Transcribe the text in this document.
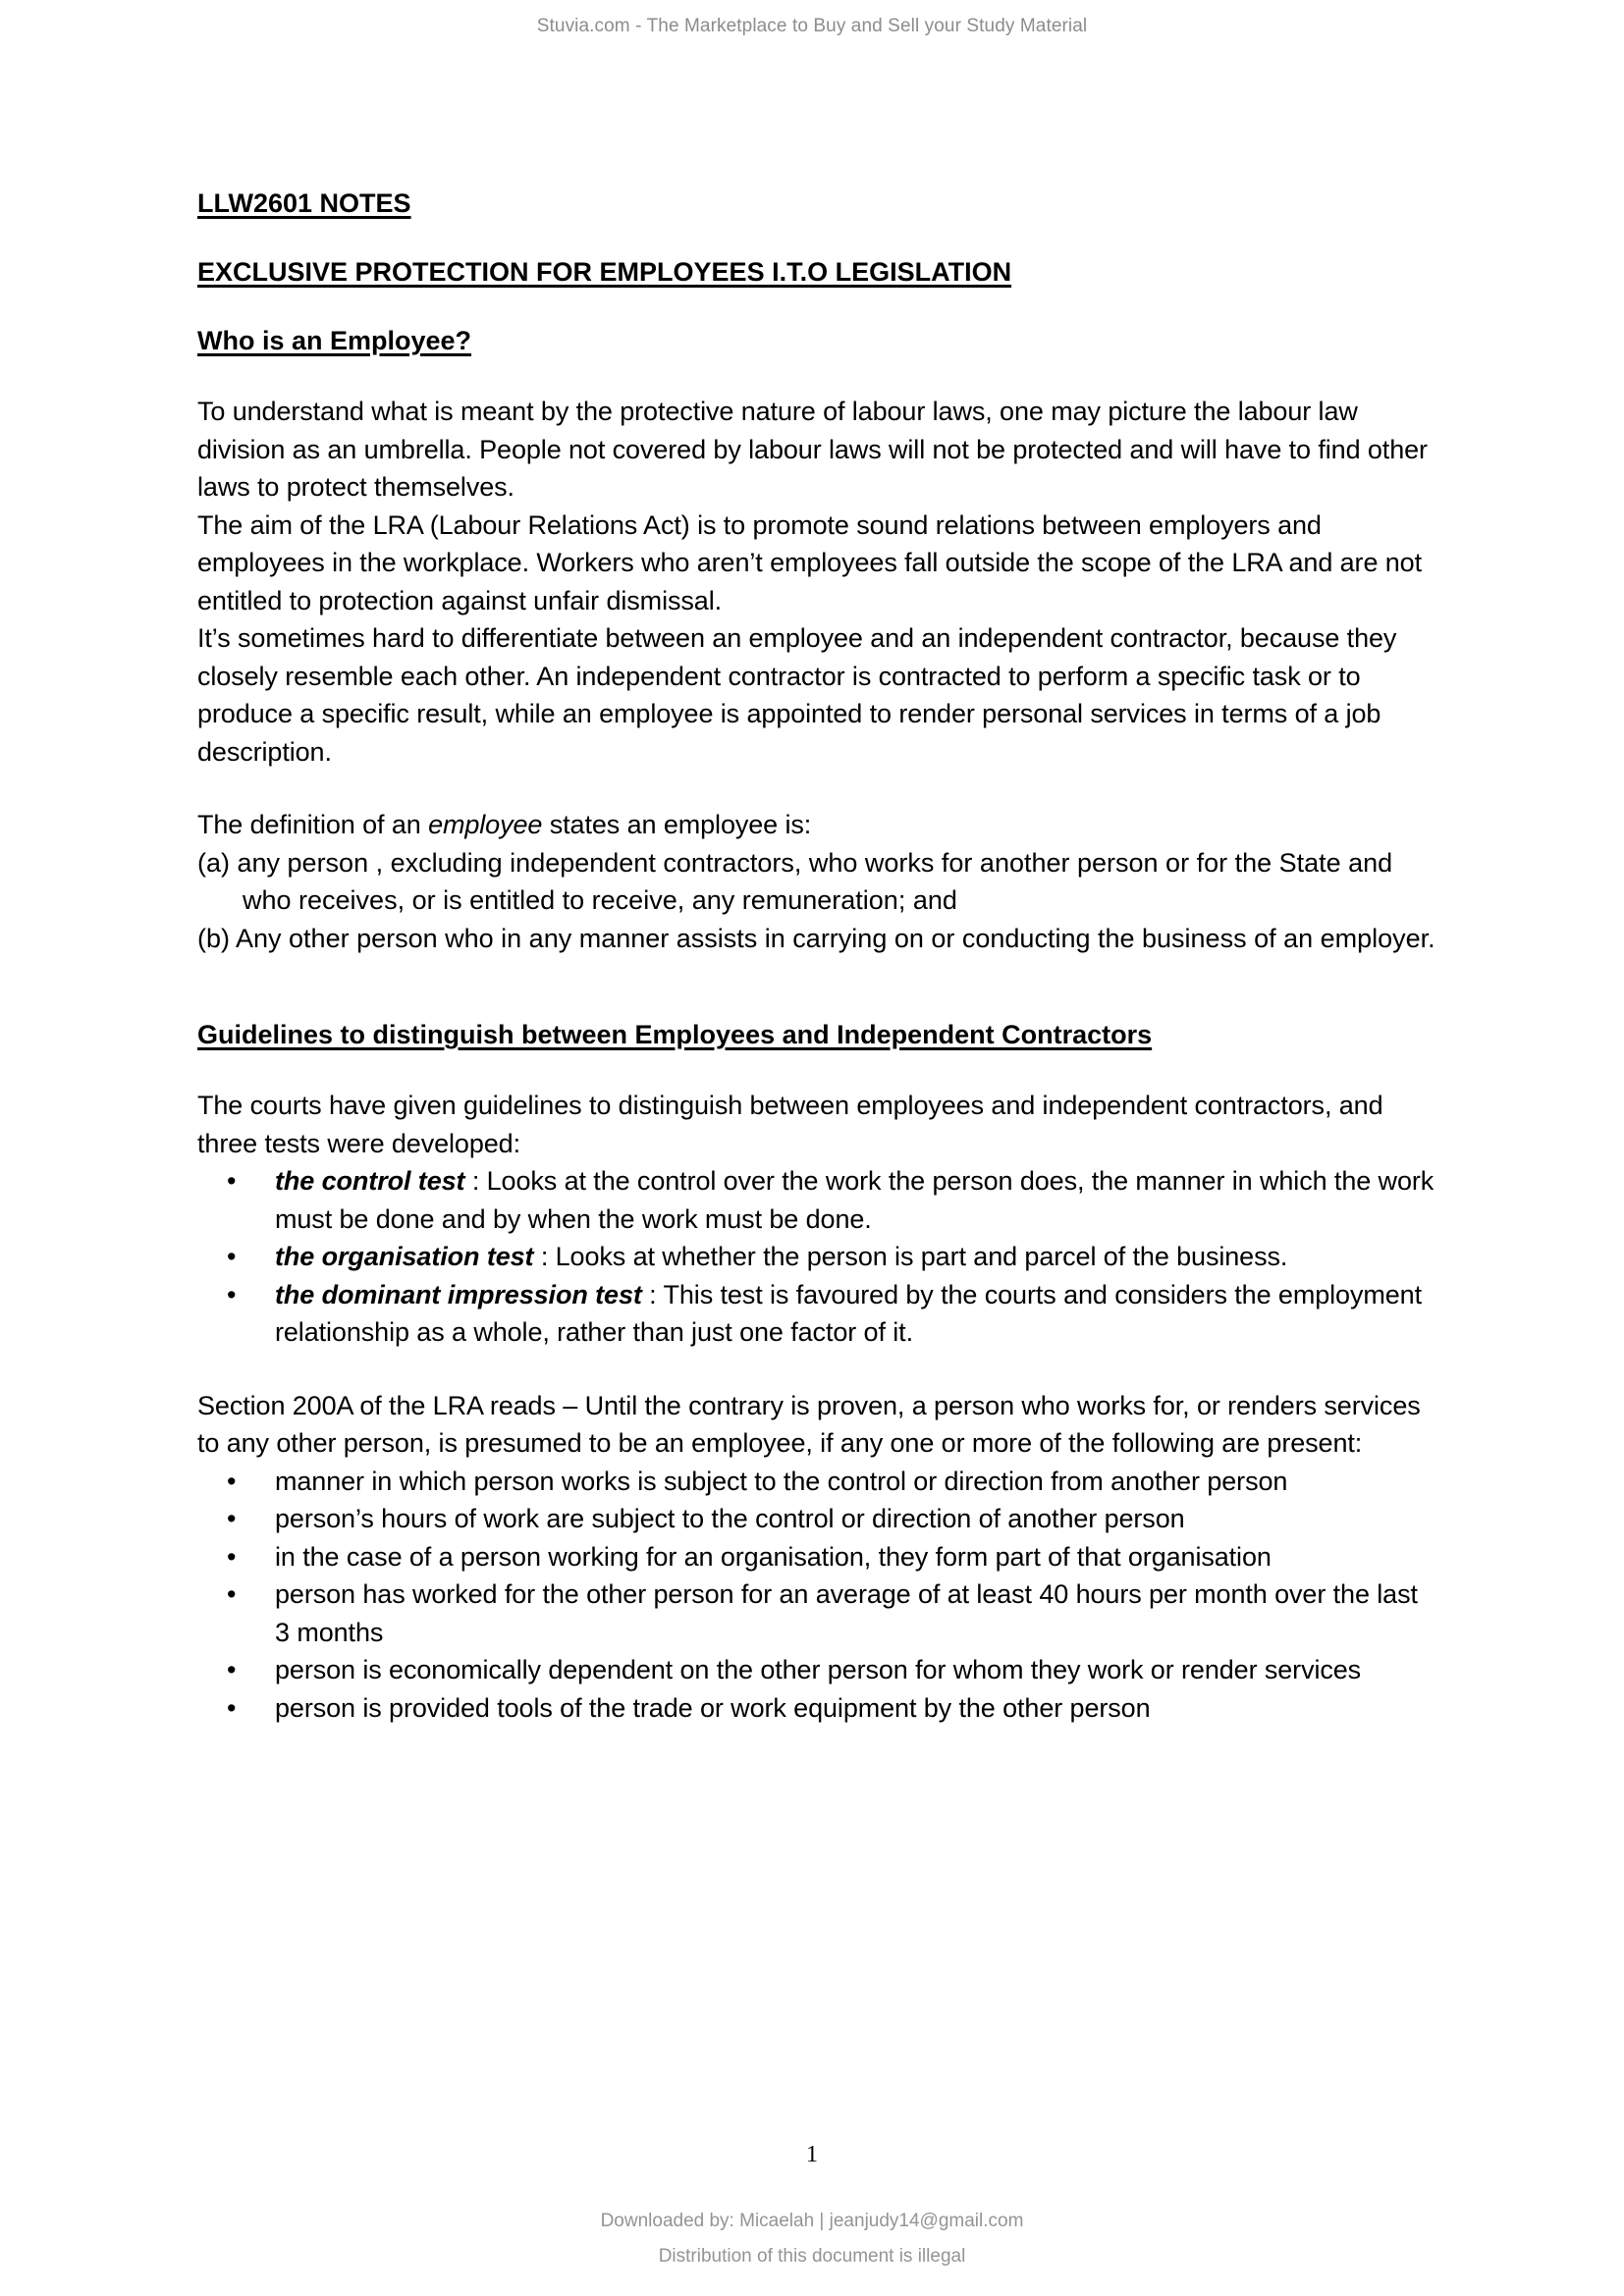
Stuvia.com - The Marketplace to Buy and Sell your Study Material
LLW2601 NOTES
EXCLUSIVE PROTECTION FOR EMPLOYEES I.T.O LEGISLATION
Who is an Employee?

To understand what is meant by the protective nature of labour laws, one may picture the labour law division as an umbrella. People not covered by labour laws will not be protected and will have to find other laws to protect themselves.

The aim of the LRA (Labour Relations Act) is to promote sound relations between employers and employees in the workplace. Workers who aren’t employees fall outside the scope of the LRA and are not entitled to protection against unfair dismissal.

It’s sometimes hard to differentiate between an employee and an independent contractor, because they closely resemble each other. An independent contractor is contracted to perform a specific task or to produce a specific result, while an employee is appointed to render personal services in terms of a job description.

The definition of an employee states an employee is:

(a) any person , excluding independent contractors, who works for another person or for the State and who receives, or is entitled to receive, any remuneration; and
(b) Any other person who in any manner assists in carrying on or conducting the business of an employer.
Guidelines to distinguish between Employees and Independent Contractors

The courts have given guidelines to distinguish between employees and independent contractors, and three tests were developed:

• the control test : Looks at the control over the work the person does, the manner in which the work must be done and by when the work must be done.
• the organisation test : Looks at whether the person is part and parcel of the business.
• the dominant impression test : This test is favoured by the courts and considers the employment relationship as a whole, rather than just one factor of it.

Section 200A of the LRA reads – Until the contrary is proven, a person who works for, or renders services to any other person, is presumed to be an employee, if any one or more of the following are present:

• manner in which person works is subject to the control or direction from another person
• person’s hours of work are subject to the control or direction of another person
• in the case of a person working for an organisation, they form part of that organisation
• person has worked for the other person for an average of at least 40 hours per month over the last 3 months
• person is economically dependent on the other person for whom they work or render services
• person is provided tools of the trade or work equipment by the other person
1
Downloaded by: Micaelah | jeanjudy14@gmail.com
Distribution of this document is illegal
